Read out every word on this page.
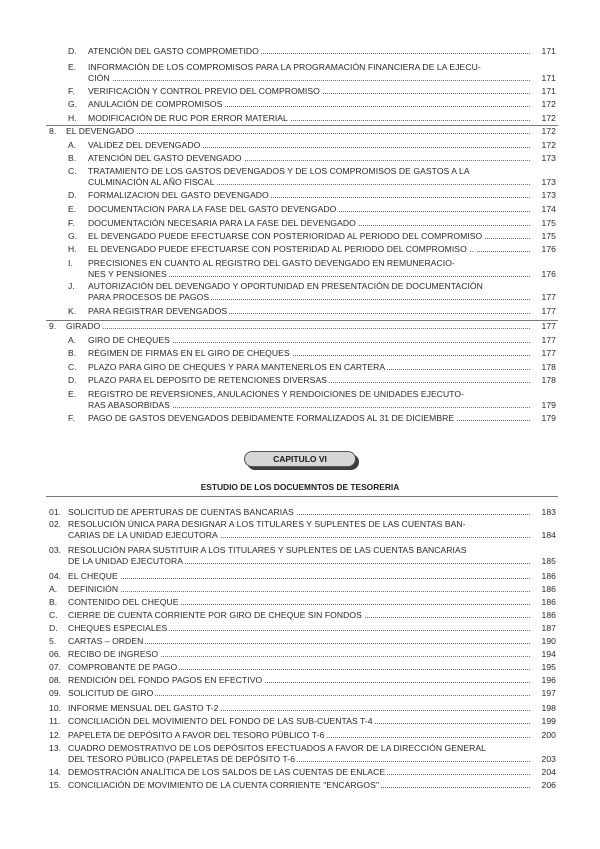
D. ATENCIÓN DEL GASTO COMPROMETIDO	171
E. INFORMACIÓN DE LOS COMPROMISOS PARA LA PROGRAMACIÓN FINANCIERA DE LA EJECU-
CIÓN	171
F. VERIFICACIÓN Y CONTROL PREVIO DEL COMPROMISO	171
G. ANULACIÓN DE COMPROMISOS	172
H. MODIFICACIÓN DE RUC POR ERROR MATERIAL	172
8. EL DEVENGADO	172
A. VALIDEZ DEL DEVENGADO	172
B. ATENCIÓN DEL GASTO DEVENGADO	173
C. TRATAMIENTO DE LOS GASTOS DEVENGADOS Y DE LOS COMPROMISOS DE GASTOS A LA
CULMINACIÓN AL AÑO FISCAL	173
D. FORMALIZACION DEL GASTO DEVENGADO	173
E. DOCUMENTACION PARA LA FASE DEL GASTO DEVENGADO	174
F. DOCUMENTACIÓN NECESARIA PARA LA FASE DEL DEVENGADO	175
G. EL DEVENGADO PUEDE EFECTUARSE CON POSTERIORIDAD AL PERIODO DEL COMPROMISO	175
H. EL DEVENGADO PUEDE EFECTUARSE CON POSTERIDAD AL PERIODO DEL COMPROMISO ..	176
I. PRECISIONES EN CUANTO AL REGISTRO DEL GASTO DEVENGADO EN REMUNERACIO-
NES Y PENSIONES	176
J. AUTORIZACIÓN DEL DEVENGADO Y OPORTUNIDAD EN PRESENTACIÓN DE DOCUMENTACIÓN
PARA PROCESOS DE PAGOS	177
K. PARA REGISTRAR DEVENGADOS	177
9. GIRADO	177
A. GIRO DE CHEQUES	177
B. RÉGIMEN DE FIRMAS EN EL GIRO DE CHEQUES	177
C. PLAZO PARA GIRO DE CHEQUES Y PARA MANTENERLOS EN CARTERA	178
D. PLAZO PARA EL DEPOSITO DE RETENCIONES DIVERSAS	178
E. REGISTRO DE REVERSIONES, ANULACIONES Y RENDOICIONES DE UNIDADES EJECUTO-
RAS ABASORBIDAS	179
F. PAGO DE GASTOS DEVENGADOS DEBIDAMENTE FORMALIZADOS AL 31 DE DICIEMBRE	179
CAPITULO VI
ESTUDIO DE LOS DOCUEMNTOS DE TESORERIA
01. SOLICITUD DE APERTURAS DE CUENTAS BANCARIAS	183
02. RESOLUCIÓN ÚNICA PARA DESIGNAR A LOS TITULARES Y SUPLENTES DE LAS CUENTAS BAN-
CARIAS DE LA UNIDAD EJECUTORA	184
03. RESOLUCIÓN PARA SUSTITUIR A LOS TITULARES Y SUPLENTES DE LAS CUENTAS BANCARIAS
DE LA UNIDAD EJECUTORA	185
04. EL CHEQUE	186
A. DEFINICIÓN	186
B. CONTENIDO DEL CHEQUE	186
C. CIERRE DE CUENTA CORRIENTE POR GIRO DE CHEQUE SIN FONDOS	186
D. CHEQUES ESPECIALES	187
5. CARTAS – ORDEN	190
06. RECIBO DE INGRESO	194
07. COMPROBANTE DE PAGO	195
08. RENDICIÓN DEL FONDO PAGOS EN EFECTIVO	196
09. SOLICITUD DE GIRO	197
10. INFORME MENSUAL DEL GASTO T-2	198
11. CONCILIACIÓN DEL MOVIMIENTO DEL FONDO DE LAS SUB-CUENTAS T-4	199
12. PAPELETA DE DEPÓSITO A FAVOR DEL TESORO PÚBLICO T-6	200
13. CUADRO DEMOSTRATIVO DE LOS DEPÓSITOS EFECTUADOS A FAVOR DE LA DIRECCIÓN GENERAL
DEL TESORO PÚBLICO (PAPELETAS DE DEPÓSITO T-6	203
14. DEMOSTRACIÓN ANALÍTICA DE LOS SALDOS DE LAS CUENTAS DE ENLACE	204
15. CONCILIACIÓN DE MOVIMIENTO DE LA CUENTA CORRIENTE "ENCARGOS"	206
